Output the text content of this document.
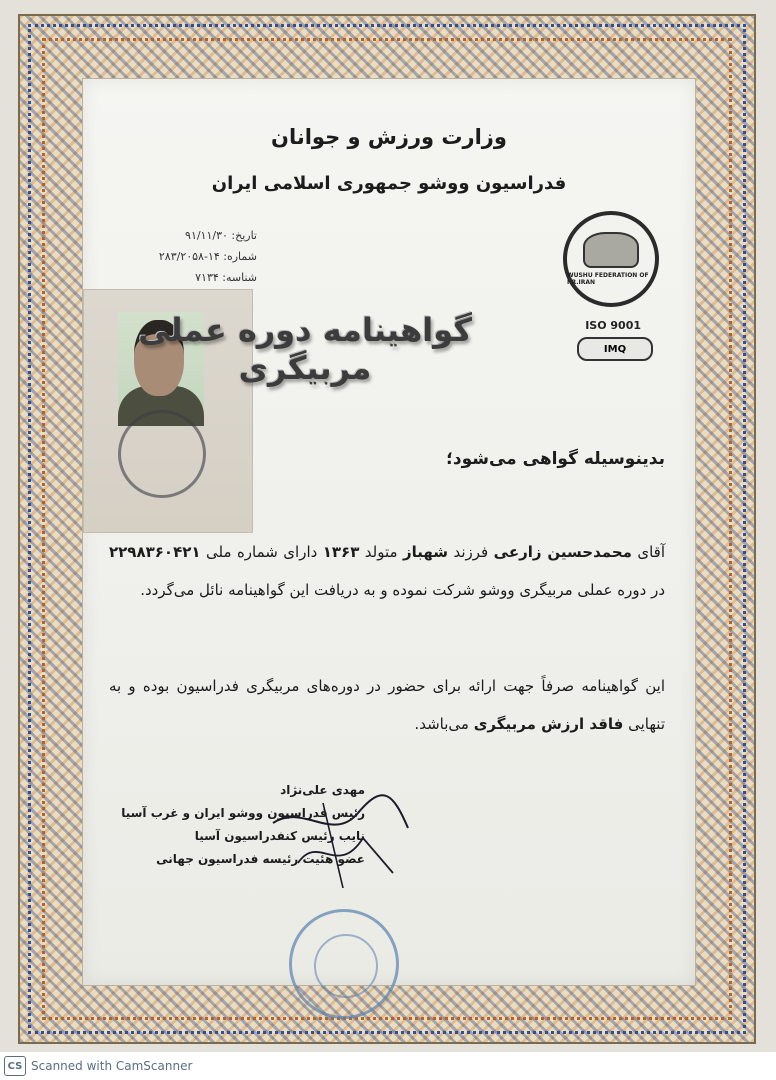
وزارت ورزش و جوانان
فدراسیون ووشو جمهوری اسلامی ایران
تاریخ: ۹۱/۱۱/۳۰
شماره: ۱۴-۲۸۳/۲۰۵۸
شناسه: ۷۱۳۴	WUSHU FEDERATION OF I.R.IRAN
ISO 9001
IMQ
گواهینامه دوره عملی مربیگری
بدینوسیله گواهی می‌شود؛
آقای محمدحسین زارعی فرزند شهباز متولد ۱۳۶۳ دارای شماره ملی ۲۲۹۸۳۶۰۴۲۱ در دوره عملی مربیگری ووشو شرکت نموده و به دریافت این گواهینامه نائل می‌گردد.
این گواهینامه صرفاً جهت ارائه برای حضور در دوره‌های مربیگری فدراسیون بوده و به تنهایی فاقد ارزش مربیگری می‌باشد.
مهدی علی‌نژاد
رئیس فدراسیون ووشو ایران و غرب آسیا
نایب رئیس کنفدراسیون آسیا
عضو هئیت رئیسه فدراسیون جهانی
CS Scanned with CamScanner
